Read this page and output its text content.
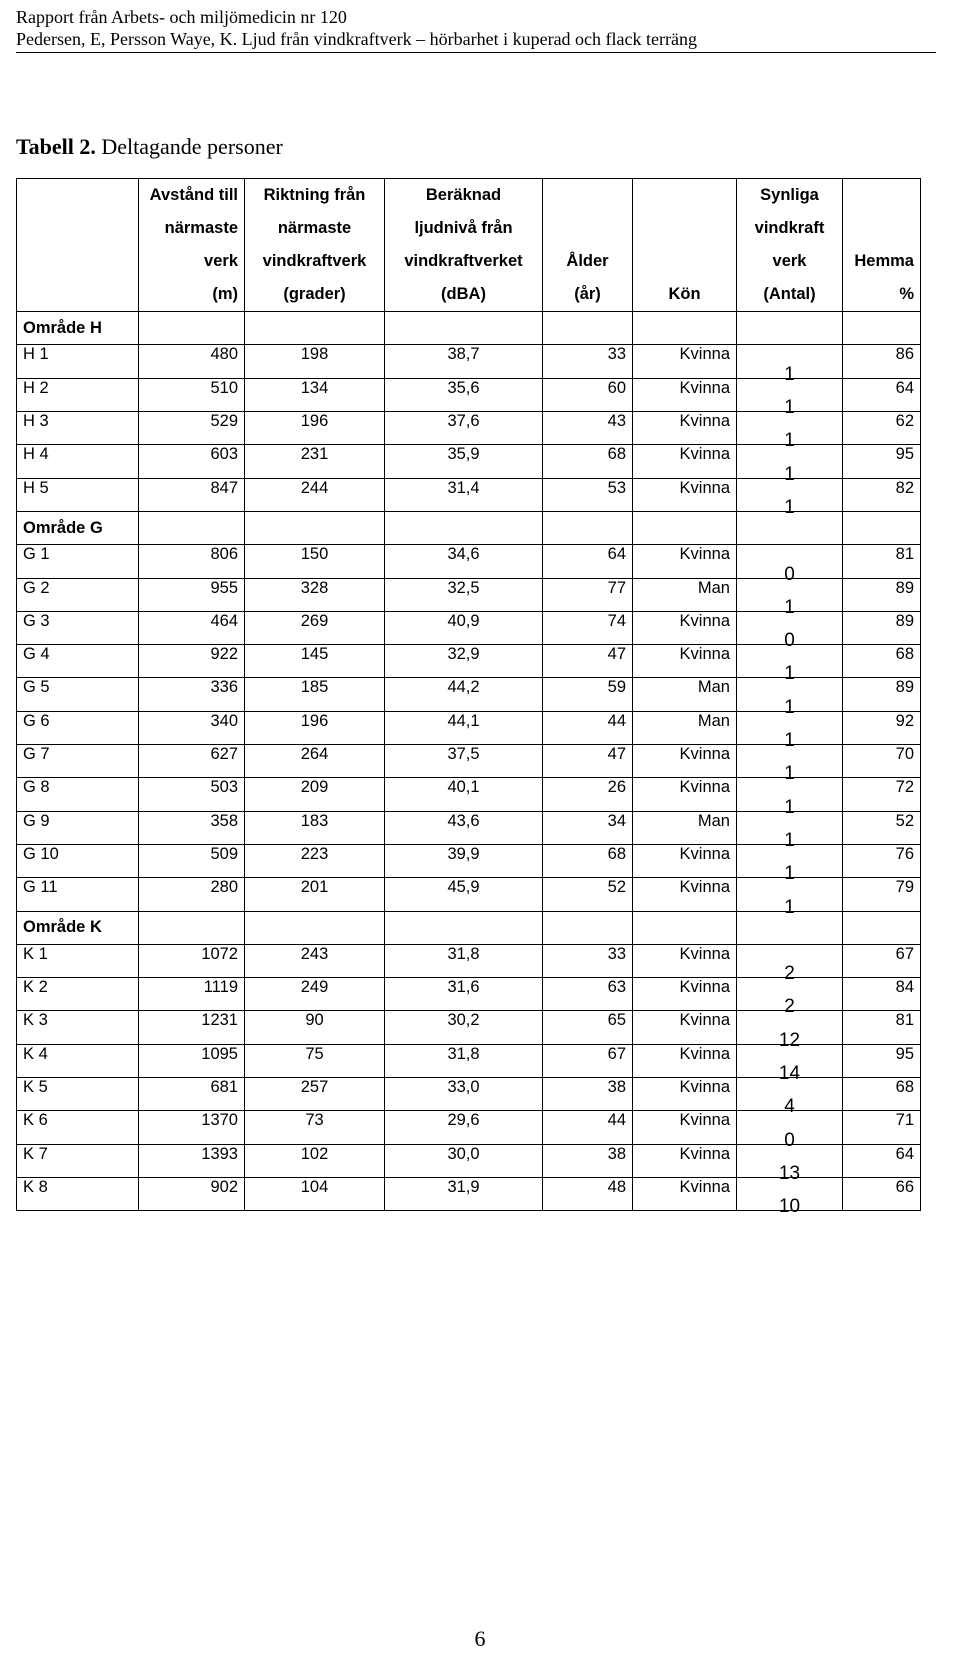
Rapport från Arbets- och miljömedicin nr 120
Pedersen, E, Persson Waye, K. Ljud från vindkraftverk – hörbarhet i kuperad och flack terräng
Tabell 2. Deltagande personer
	Avstånd till	Riktning från	Beräknad			Synliga	
	närmaste	närmaste	ljudnivå från			vindkraft	
	verk	vindkraftverk	vindkraftverket	Ålder		verk	Hemma
	(m)	(grader)	(dBA)	(år)	Kön	(Antal)	%
Område H							
H 1	480	198	38,7	33	Kvinna	1	86
H 2	510	134	35,6	60	Kvinna	1	64
H 3	529	196	37,6	43	Kvinna	1	62
H 4	603	231	35,9	68	Kvinna	1	95
H 5	847	244	31,4	53	Kvinna	1	82
Område G							
G 1	806	150	34,6	64	Kvinna	0	81
G 2	955	328	32,5	77	Man	1	89
G 3	464	269	40,9	74	Kvinna	0	89
G 4	922	145	32,9	47	Kvinna	1	68
G 5	336	185	44,2	59	Man	1	89
G 6	340	196	44,1	44	Man	1	92
G 7	627	264	37,5	47	Kvinna	1	70
G 8	503	209	40,1	26	Kvinna	1	72
G 9	358	183	43,6	34	Man	1	52
G 10	509	223	39,9	68	Kvinna	1	76
G 11	280	201	45,9	52	Kvinna	1	79
Område K							
K 1	1072	243	31,8	33	Kvinna	2	67
K 2	1119	249	31,6	63	Kvinna	2	84
K 3	1231	90	30,2	65	Kvinna	12	81
K 4	1095	75	31,8	67	Kvinna	14	95
K 5	681	257	33,0	38	Kvinna	4	68
K 6	1370	73	29,6	44	Kvinna	0	71
K 7	1393	102	30,0	38	Kvinna	13	64
K 8	902	104	31,9	48	Kvinna	10	66
6
